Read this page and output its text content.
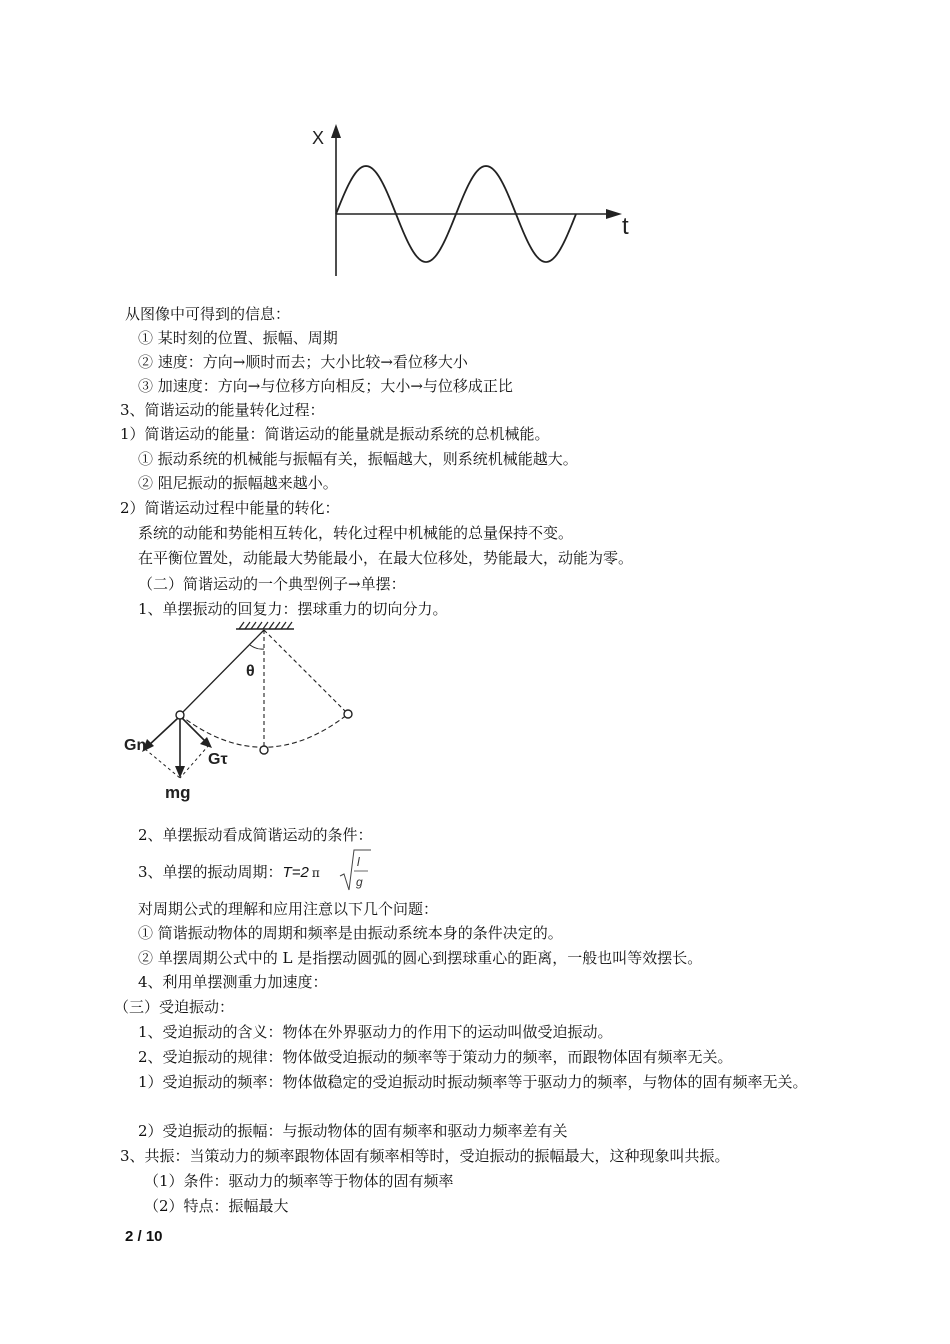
X
t
从图像中可得到的信息：
① 某时刻的位置、振幅、周期
② 速度：方向→顺时而去；大小比较→看位移大小
③ 加速度：方向→与位移方向相反；大小→与位移成正比
3、简谐运动的能量转化过程：
1）简谐运动的能量：简谐运动的能量就是振动系统的总机械能。
① 振动系统的机械能与振幅有关，振幅越大，则系统机械能越大。
② 阻尼振动的振幅越来越小。
2）简谐运动过程中能量的转化：
系统的动能和势能相互转化，转化过程中机械能的总量保持不变。
在平衡位置处，动能最大势能最小，在最大位移处，势能最大，动能为零。
（二）简谐运动的一个典型例子→单摆：
1、单摆振动的回复力：摆球重力的切向分力。
θ
Gn
Gτ
mg
2、单摆振动看成简谐运动的条件：
3、单摆的振动周期：T=2 π
l
g
对周期公式的理解和应用注意以下几个问题：
① 简谐振动物体的周期和频率是由振动系统本身的条件决定的。
② 单摆周期公式中的 L 是指摆动圆弧的圆心到摆球重心的距离，一般也叫等效摆长。
4、利用单摆测重力加速度：
（三）受迫振动：
1、受迫振动的含义：物体在外界驱动力的作用下的运动叫做受迫振动。
2、受迫振动的规律：物体做受迫振动的频率等于策动力的频率，而跟物体固有频率无关。
1）受迫振动的频率：物体做稳定的受迫振动时振动频率等于驱动力的频率，与物体的固有频率无关。
2）受迫振动的振幅：与振动物体的固有频率和驱动力频率差有关
3、共振：当策动力的频率跟物体固有频率相等时，受迫振动的振幅最大，这种现象叫共振。
（1）条件：驱动力的频率等于物体的固有频率
（2）特点：振幅最大
2 / 10
